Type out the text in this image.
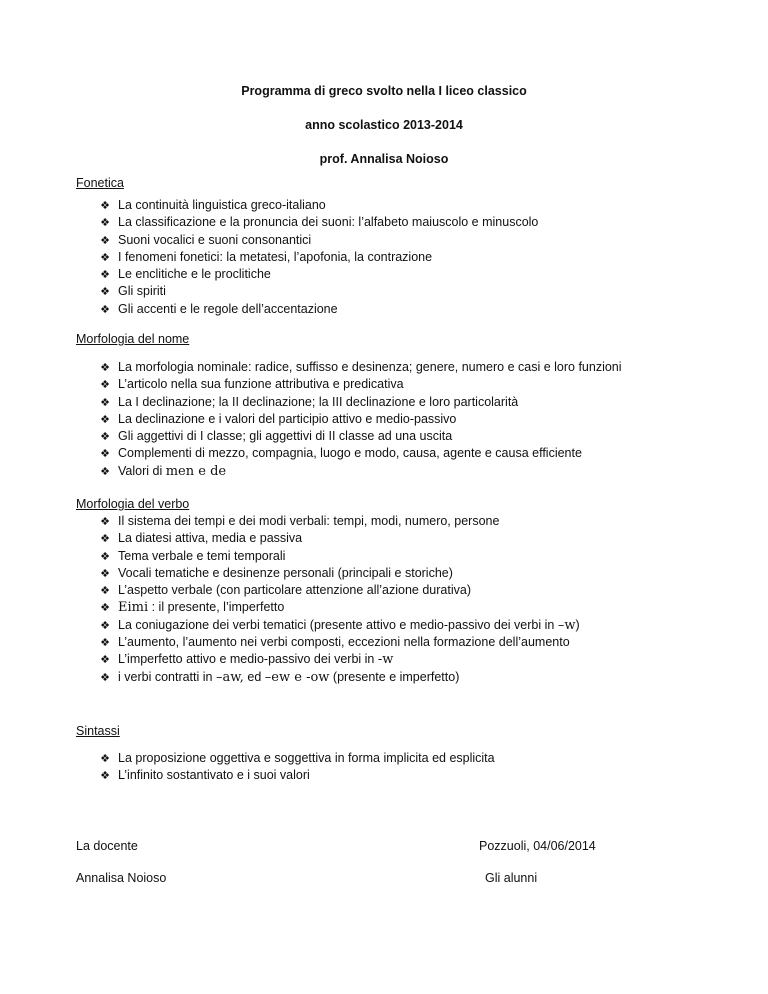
Programma di greco svolto nella I liceo classico
anno scolastico 2013-2014
prof. Annalisa Noioso
Fonetica
❖ La continuità linguistica greco-italiano
❖ La classificazione e la pronuncia dei suoni: l’alfabeto maiuscolo e minuscolo
❖ Suoni vocalici e suoni consonantici
❖ I fenomeni fonetici: la metatesi, l’apofonia, la contrazione
❖ Le enclitiche e le proclitiche
❖ Gli spiriti
❖ Gli accenti e le regole dell’accentazione
Morfologia del nome
❖ La morfologia nominale: radice, suffisso e desinenza; genere, numero e casi e loro funzioni
❖ L’articolo nella sua funzione attributiva e predicativa
❖ La I declinazione; la II declinazione; la III declinazione e loro particolarità
❖ La declinazione e i valori del participio attivo e medio-passivo
❖ Gli aggettivi di I classe; gli aggettivi di II classe ad una uscita
❖ Complementi di mezzo, compagnia, luogo e modo, causa, agente e causa efficiente
❖ Valori di men e de
Morfologia del verbo
❖ Il sistema dei tempi e dei modi verbali: tempi, modi, numero, persone
❖ La diatesi attiva, media e passiva
❖ Tema verbale e temi temporali
❖ Vocali tematiche e desinenze personali (principali e storiche)
❖ L’aspetto verbale (con particolare attenzione all’azione durativa)
❖ Eimi : il presente, l’imperfetto
❖ La coniugazione dei verbi tematici (presente attivo e medio-passivo dei verbi in –w)
❖ L’aumento, l’aumento nei verbi composti, eccezioni nella formazione dell’aumento
❖ L’imperfetto attivo e medio-passivo dei verbi in -w
❖ i verbi contratti in –aw, ed –ew e -ow (presente e imperfetto)
Sintassi
❖ La proposizione oggettiva e soggettiva in forma implicita ed esplicita
❖ L’infinito sostantivato e i suoi valori
La docente
Annalisa Noioso
Pozzuoli, 04/06/2014
Gli alunni
